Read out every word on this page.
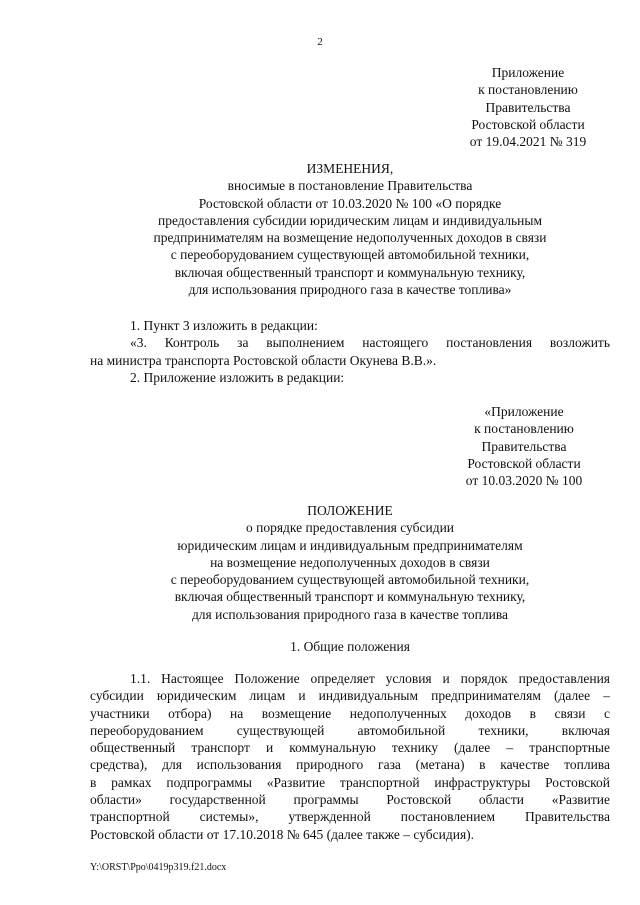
2
Приложение
к постановлению
Правительства
Ростовской области
от 19.04.2021 № 319
ИЗМЕНЕНИЯ,
вносимые в постановление Правительства
Ростовской области от 10.03.2020 № 100 «О порядке
предоставления субсидии юридическим лицам и индивидуальным
предпринимателям на возмещение недополученных доходов в связи
с переоборудованием существующей автомобильной техники,
включая общественный транспорт и коммунальную технику,
для использования природного газа в качестве топлива»
1. Пункт 3 изложить в редакции:
«3. Контроль за выполнением настоящего постановления возложить
на министра транспорта Ростовской области Окунева В.В.».
2. Приложение изложить в редакции:
«Приложение
к постановлению
Правительства
Ростовской области
от 10.03.2020 № 100
ПОЛОЖЕНИЕ
о порядке предоставления субсидии
юридическим лицам и индивидуальным предпринимателям
на возмещение недополученных доходов в связи
с переоборудованием существующей автомобильной техники,
включая общественный транспорт и коммунальную технику,
для использования природного газа в качестве топлива
1. Общие положения
1.1. Настоящее Положение определяет условия и порядок предоставления
субсидии юридическим лицам и индивидуальным предпринимателям (далее –
участники отбора) на возмещение недополученных доходов в связи с
переоборудованием существующей автомобильной техники, включая
общественный транспорт и коммунальную технику (далее – транспортные
средства), для использования природного газа (метана) в качестве топлива
в рамках подпрограммы «Развитие транспортной инфраструктуры Ростовской
области» государственной программы Ростовской области «Развитие
транспортной системы», утвержденной постановлением Правительства
Ростовской области от 17.10.2018 № 645 (далее также – субсидия).
Y:\ORST\Ppo\0419p319.f21.docx
